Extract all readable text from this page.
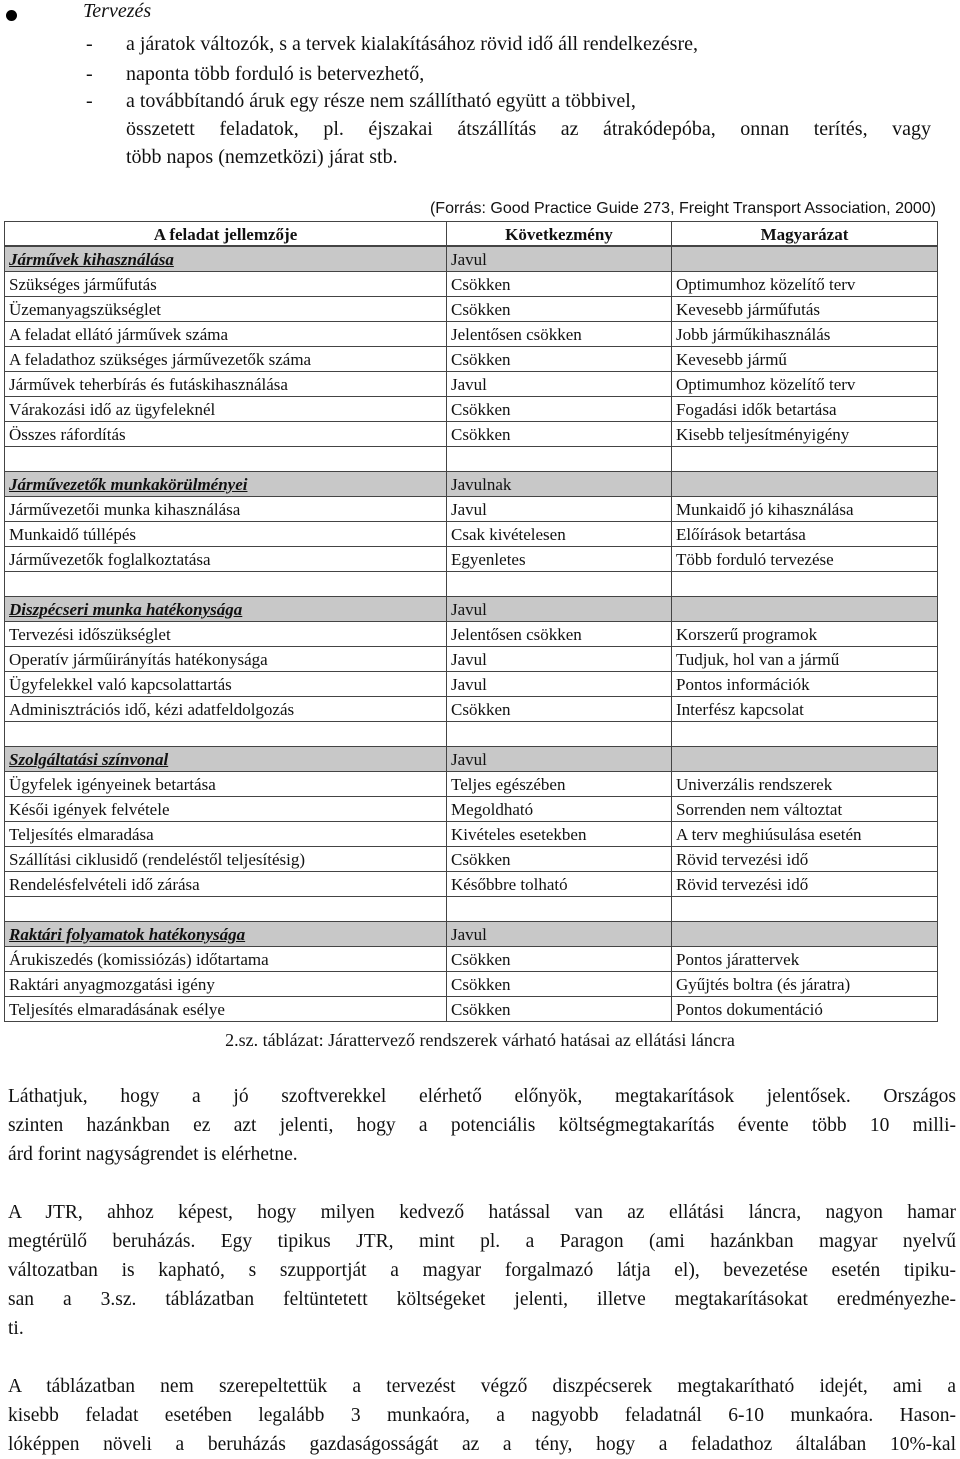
Tervezés
- a járatok változók, s a tervek kialakításához rövid idő áll rendelkezésre,
- naponta több forduló is betervezhető,
- a továbbítandó áruk egy része nem szállítható együtt a többivel,
összetett feladatok, pl. éjszakai átszállítás az átrakódepóba, onnan terítés, vagy
több napos (nemzetközi) járat stb.
(Forrás: Good Practice Guide 273, Freight Transport Association, 2000)
A feladat jellemzője	Következmény	Magyarázat
Járművek kihasználása	Javul
Szükséges járműfutás	Csökken	Optimumhoz közelítő terv
Üzemanyagszükséglet	Csökken	Kevesebb járműfutás
A feladat ellátó járművek száma	Jelentősen csökken	Jobb járműkihasználás
A feladathoz szükséges járművezetők száma	Csökken	Kevesebb jármű
Járművek teherbírás és futáskihasználása	Javul	Optimumhoz közelítő terv
Várakozási idő az ügyfeleknél	Csökken	Fogadási idők betartása
Összes ráfordítás	Csökken	Kisebb teljesítményigény
Járművezetők munkakörülményei	Javulnak
Járművezetői munka kihasználása	Javul	Munkaidő jó kihasználása
Munkaidő túllépés	Csak kivételesen	Előírások betartása
Járművezetők foglalkoztatása	Egyenletes	Több forduló tervezése
Diszpécseri munka hatékonysága	Javul
Tervezési időszükséglet	Jelentősen csökken	Korszerű programok
Operatív járműirányítás hatékonysága	Javul	Tudjuk, hol van a jármű
Ügyfelekkel való kapcsolattartás	Javul	Pontos információk
Adminisztrációs idő, kézi adatfeldolgozás	Csökken	Interfész kapcsolat
Szolgáltatási színvonal	Javul
Ügyfelek igényeinek betartása	Teljes egészében	Univerzális rendszerek
Késői igények felvétele	Megoldható	Sorrenden nem változtat
Teljesítés elmaradása	Kivételes esetekben	A terv meghiúsulása esetén
Szállítási ciklusidő (rendeléstől teljesítésig)	Csökken	Rövid tervezési idő
Rendelésfelvételi idő zárása	Későbbre tolható	Rövid tervezési idő
Raktári folyamatok hatékonysága	Javul
Árukiszedés (komissiózás) időtartama	Csökken	Pontos járattervek
Raktári anyagmozgatási igény	Csökken	Gyűjtés boltra (és járatra)
Teljesítés elmaradásának esélye	Csökken	Pontos dokumentáció
2.sz. táblázat: Járattervező rendszerek várható hatásai az ellátási láncra
Láthatjuk, hogy a jó szoftverekkel elérhető előnyök, megtakarítások jelentősek. Országos
szinten hazánkban ez azt jelenti, hogy a potenciális költségmegtakarítás évente több 10 milli-
árd forint nagyságrendet is elérhetne.
A JTR, ahhoz képest, hogy milyen kedvező hatással van az ellátási láncra, nagyon hamar
megtérülő beruházás. Egy tipikus JTR, mint pl. a Paragon (ami hazánkban magyar nyelvű
változatban is kapható, s szupportját a magyar forgalmazó látja el), bevezetése esetén tipiku-
san a 3.sz. táblázatban feltüntetett költségeket jelenti, illetve megtakarításokat eredményezhe-
ti.
A táblázatban nem szerepeltettük a tervezést végző diszpécserek megtakarítható idejét, ami a
kisebb feladat esetében legalább 3 munkaóra, a nagyobb feladatnál 6-10 munkaóra. Hason-
lóképpen növeli a beruházás gazdaságosságát az a tény, hogy a feladathoz általában 10%-kal
